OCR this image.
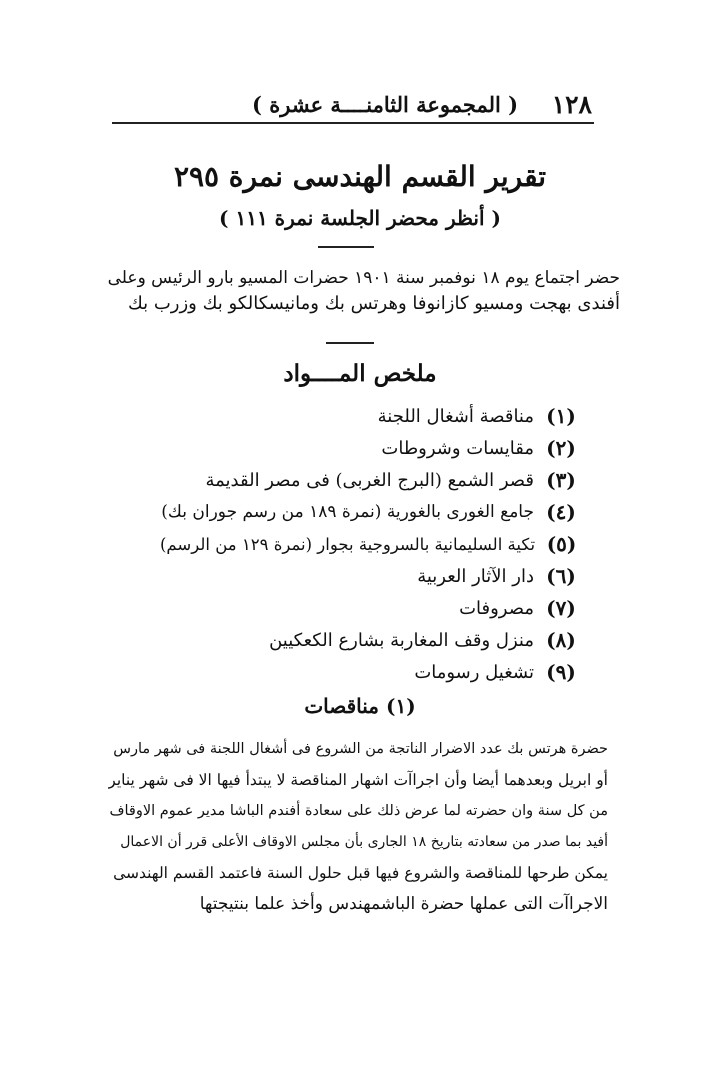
١٢٨
( المجموعة الثامنــــة عشرة )
تقرير القسم الهندسى نمرة ٢٩٥
( أنظر محضر الجلسة نمرة ١١١ )
حضر اجتماع يوم ١٨ نوفمبر سنة ١٩٠١ حضرات المسيو بارو الرئيس وعلى
أفندى بهجت ومسيو كازانوفا وهرتس بك ومانيسكالكو بك وزرب بك
ملخص المــــواد
(١)
مناقصة أشغال اللجنة
(٢)
مقايسات وشروطات
(٣)
قصر الشمع (البرج الغربى) فى مصر القديمة
(٤)
جامع الغورى بالغورية (نمرة ١٨٩ من رسم جوران بك)
(٥)
تكية السليمانية بالسروجية بجوار (نمرة ١٢٩ من الرسم)
(٦)
دار الآثار العربية
(٧)
مصروفات
(٨)
منزل وقف المغاربة بشارع الكعكيين
(٩)
تشغيل رسومات
(١) مناقصات
حضرة هرتس بك عدد الاضرار الناتجة من الشروع فى أشغال اللجنة فى شهر مارس
أو ابريل وبعدهما أيضا وأن اجراآت اشهار المناقصة لا يبتدأ فيها الا فى شهر يناير
من كل سنة وان حضرته لما عرض ذلك على سعادة أفندم الباشا مدير عموم الاوقاف
أفيد بما صدر من سعادته بتاريخ ١٨ الجارى بأن مجلس الاوقاف الأعلى قرر أن الاعمال
يمكن طرحها للمناقصة والشروع فيها قبل حلول السنة فاعتمد القسم الهندسى
الاجراآت التى عملها حضرة الباشمهندس وأخذ علما بنتيجتها
